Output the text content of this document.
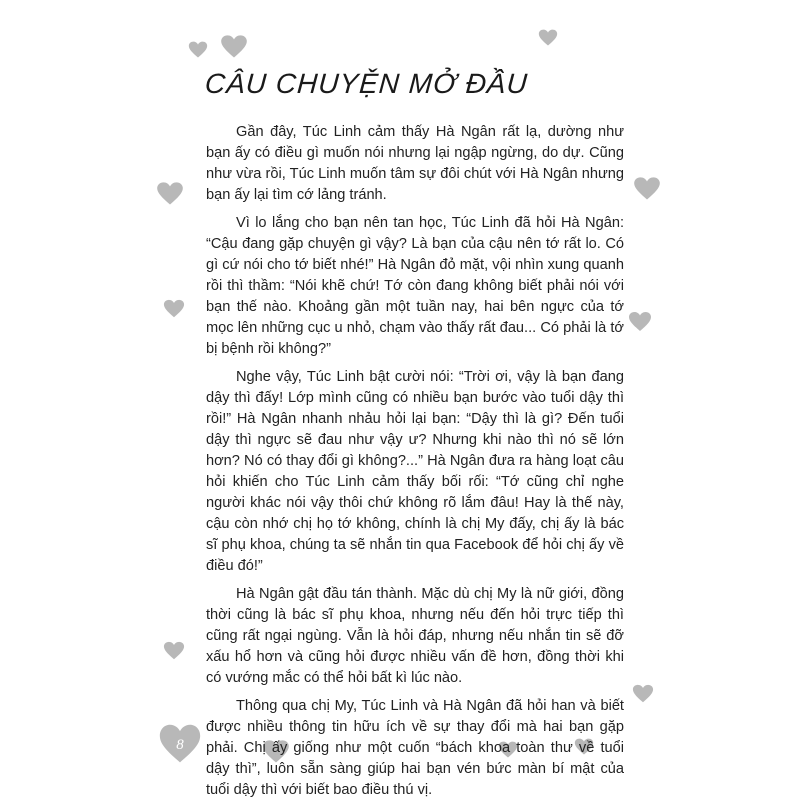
8
CÂU CHUYỆN MỞ ĐẦU

Gần đây, Túc Linh cảm thấy Hà Ngân rất lạ, dường như bạn ấy có điều gì muốn nói nhưng lại ngập ngừng, do dự. Cũng như vừa rồi, Túc Linh muốn tâm sự đôi chút với Hà Ngân nhưng bạn ấy lại tìm cớ lảng tránh.

Vì lo lắng cho bạn nên tan học, Túc Linh đã hỏi Hà Ngân: “Cậu đang gặp chuyện gì vậy? Là bạn của cậu nên tớ rất lo. Có gì cứ nói cho tớ biết nhé!” Hà Ngân đỏ mặt, vội nhìn xung quanh rồi thì thầm: “Nói khẽ chứ! Tớ còn đang không biết phải nói với bạn thế nào. Khoảng gần một tuần nay, hai bên ngực của tớ mọc lên những cục u nhỏ, chạm vào thấy rất đau... Có phải là tớ bị bệnh rồi không?”

Nghe vậy, Túc Linh bật cười nói: “Trời ơi, vậy là bạn đang dậy thì đấy! Lớp mình cũng có nhiều bạn bước vào tuổi dậy thì rồi!” Hà Ngân nhanh nhảu hỏi lại bạn: “Dậy thì là gì? Đến tuổi dậy thì ngực sẽ đau như vậy ư? Nhưng khi nào thì nó sẽ lớn hơn? Nó có thay đổi gì không?...” Hà Ngân đưa ra hàng loạt câu hỏi khiến cho Túc Linh cảm thấy bối rối: “Tớ cũng chỉ nghe người khác nói vậy thôi chứ không rõ lắm đâu! Hay là thế này, cậu còn nhớ chị họ tớ không, chính là chị My đấy, chị ấy là bác sĩ phụ khoa, chúng ta sẽ nhắn tin qua Facebook để hỏi chị ấy về điều đó!”

Hà Ngân gật đầu tán thành. Mặc dù chị My là nữ giới, đồng thời cũng là bác sĩ phụ khoa, nhưng nếu đến hỏi trực tiếp thì cũng rất ngại ngùng. Vẫn là hỏi đáp, nhưng nếu nhắn tin sẽ đỡ xấu hổ hơn và cũng hỏi được nhiều vấn đề hơn, đồng thời khi có vướng mắc có thể hỏi bất kì lúc nào.

Thông qua chị My, Túc Linh và Hà Ngân đã hỏi han và biết được nhiều thông tin hữu ích về sự thay đổi mà hai bạn gặp phải. Chị ấy giống như một cuốn “bách khoa toàn thư về tuổi dậy thì”, luôn sẵn sàng giúp hai bạn vén bức màn bí mật của tuổi dậy thì với biết bao điều thú vị.
